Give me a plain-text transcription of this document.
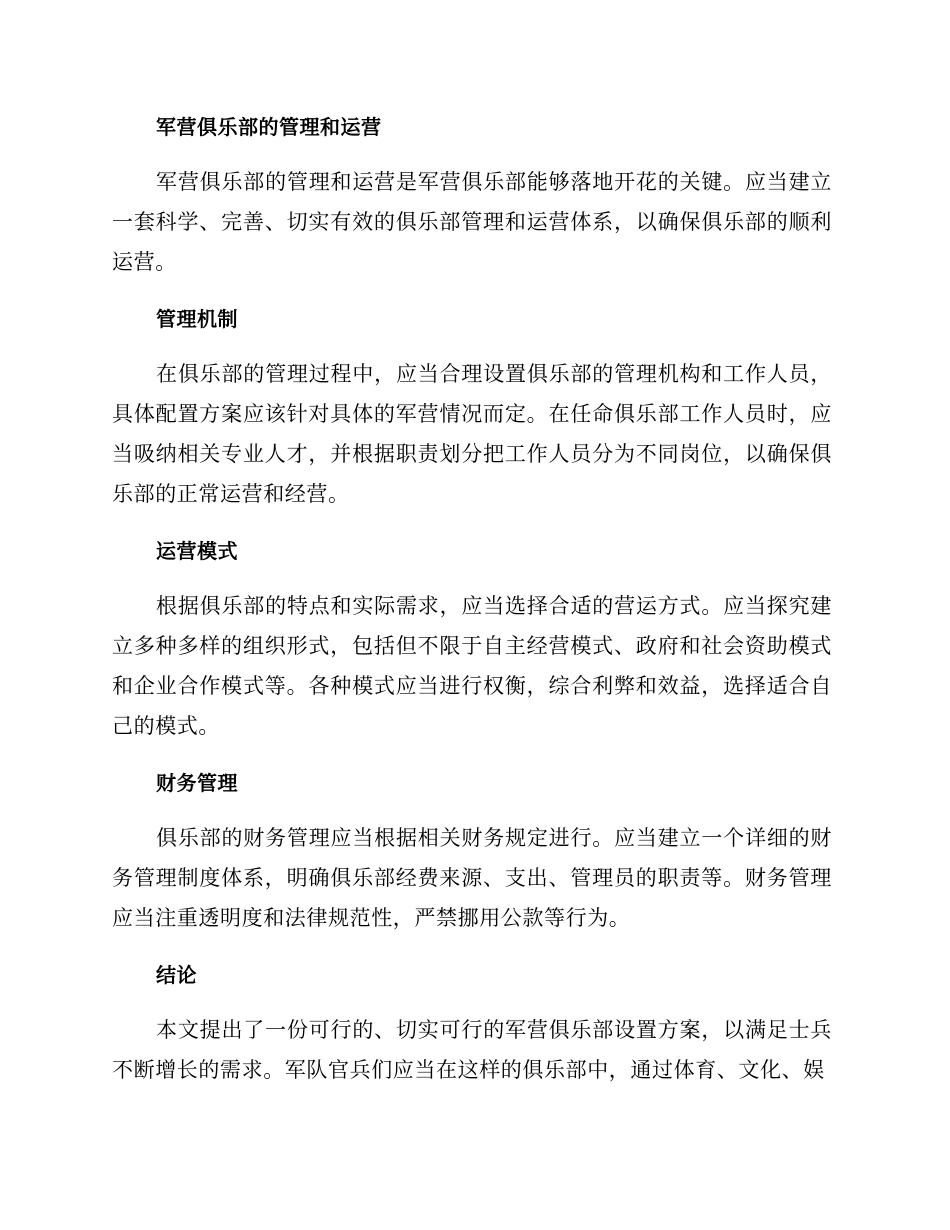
军营俱乐部的管理和运营

军营俱乐部的管理和运营是军营俱乐部能够落地开花的关键。应当建立一套科学、完善、切实有效的俱乐部管理和运营体系，以确保俱乐部的顺利运营。

管理机制

在俱乐部的管理过程中，应当合理设置俱乐部的管理机构和工作人员，具体配置方案应该针对具体的军营情况而定。在任命俱乐部工作人员时，应当吸纳相关专业人才，并根据职责划分把工作人员分为不同岗位，以确保俱乐部的正常运营和经营。

运营模式

根据俱乐部的特点和实际需求，应当选择合适的营运方式。应当探究建立多种多样的组织形式，包括但不限于自主经营模式、政府和社会资助模式和企业合作模式等。各种模式应当进行权衡，综合利弊和效益，选择适合自己的模式。

财务管理

俱乐部的财务管理应当根据相关财务规定进行。应当建立一个详细的财务管理制度体系，明确俱乐部经费来源、支出、管理员的职责等。财务管理应当注重透明度和法律规范性，严禁挪用公款等行为。

结论

本文提出了一份可行的、切实可行的军营俱乐部设置方案，以满足士兵不断增长的需求。军队官兵们应当在这样的俱乐部中，通过体育、文化、娱
